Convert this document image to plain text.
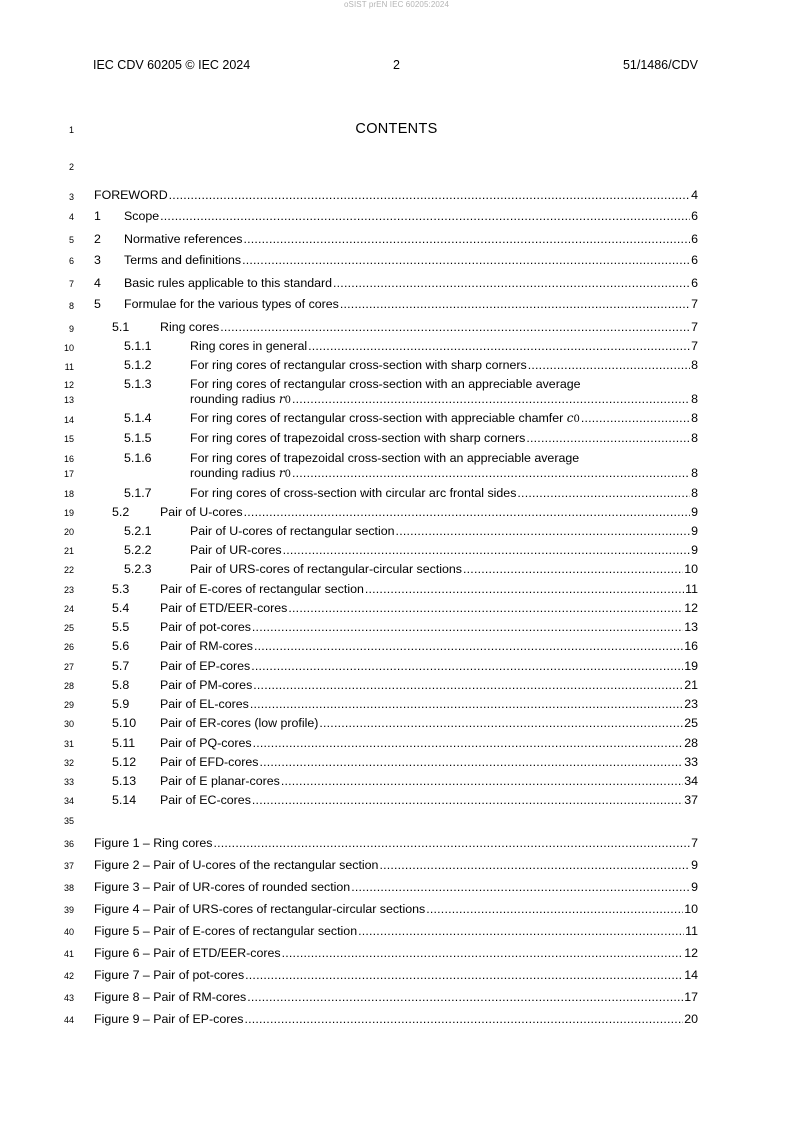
oSIST prEN IEC 60205:2024
IEC CDV 60205 © IEC 2024	2	51/1486/CDV
1
2
3
4
5
6
7
8
9
10
11
12
13
14
15
16
17
18
19
20
21
22
23
24
25
26
27
28
29
30
31
32
33
34
35
36
37
38
39
40
41
42
43
44
CONTENTS
FOREWORD .....	4
1	Scope .....	6
2	Normative references .....	6
3	Terms and definitions .....	6
4	Basic rules applicable to this standard .....	6
5	Formulae for the various types of cores .....	7
5.1	Ring cores .....	7
5.1.1	Ring cores in general .....	7
5.1.2	For ring cores of rectangular cross-section with sharp corners .....	8
5.1.3	For ring cores of rectangular cross-section with an appreciable average
rounding radius
r 0 .....	8
5.1.4	For ring cores of rectangular cross-section with appreciable chamfer
c 0 .....	8
5.1.5	For ring cores of trapezoidal cross-section with sharp corners .....	8
5.1.6	For ring cores of trapezoidal cross-section with an appreciable average
rounding radius
r 0 .....	8
5.1.7	For ring cores of cross-section with circular arc frontal sides .....	8
5.2	Pair of U-cores .....	9
5.2.1	Pair of U-cores of rectangular section .....	9
5.2.2	Pair of UR-cores .....	9
5.2.3	Pair of URS-cores of rectangular-circular sections .....	10
5.3	Pair of E-cores of rectangular section .....	11
5.4	Pair of ETD/EER-cores .....	12
5.5	Pair of pot-cores .....	13
5.6	Pair of RM-cores .....	16
5.7	Pair of EP-cores .....	19
5.8	Pair of PM-cores .....	21
5.9	Pair of EL-cores .....	23
5.10	Pair of ER-cores (low profile) .....	25
5.11	Pair of PQ-cores .....	28
5.12	Pair of EFD-cores .....	33
5.13	Pair of E planar-cores .....	34
5.14	Pair of EC-cores .....	37
Figure 1 – Ring cores .....	7
Figure 2 – Pair of U-cores of the rectangular section .....	9
Figure 3 – Pair of UR-cores of rounded section .....	9
Figure 4 – Pair of URS-cores of rectangular-circular sections .....	10
Figure 5 – Pair of E-cores of rectangular section .....	11
Figure 6 – Pair of ETD/EER-cores .....	12
Figure 7 – Pair of pot-cores .....	14
Figure 8 – Pair of RM-cores .....	17
Figure 9 – Pair of EP-cores .....	20
